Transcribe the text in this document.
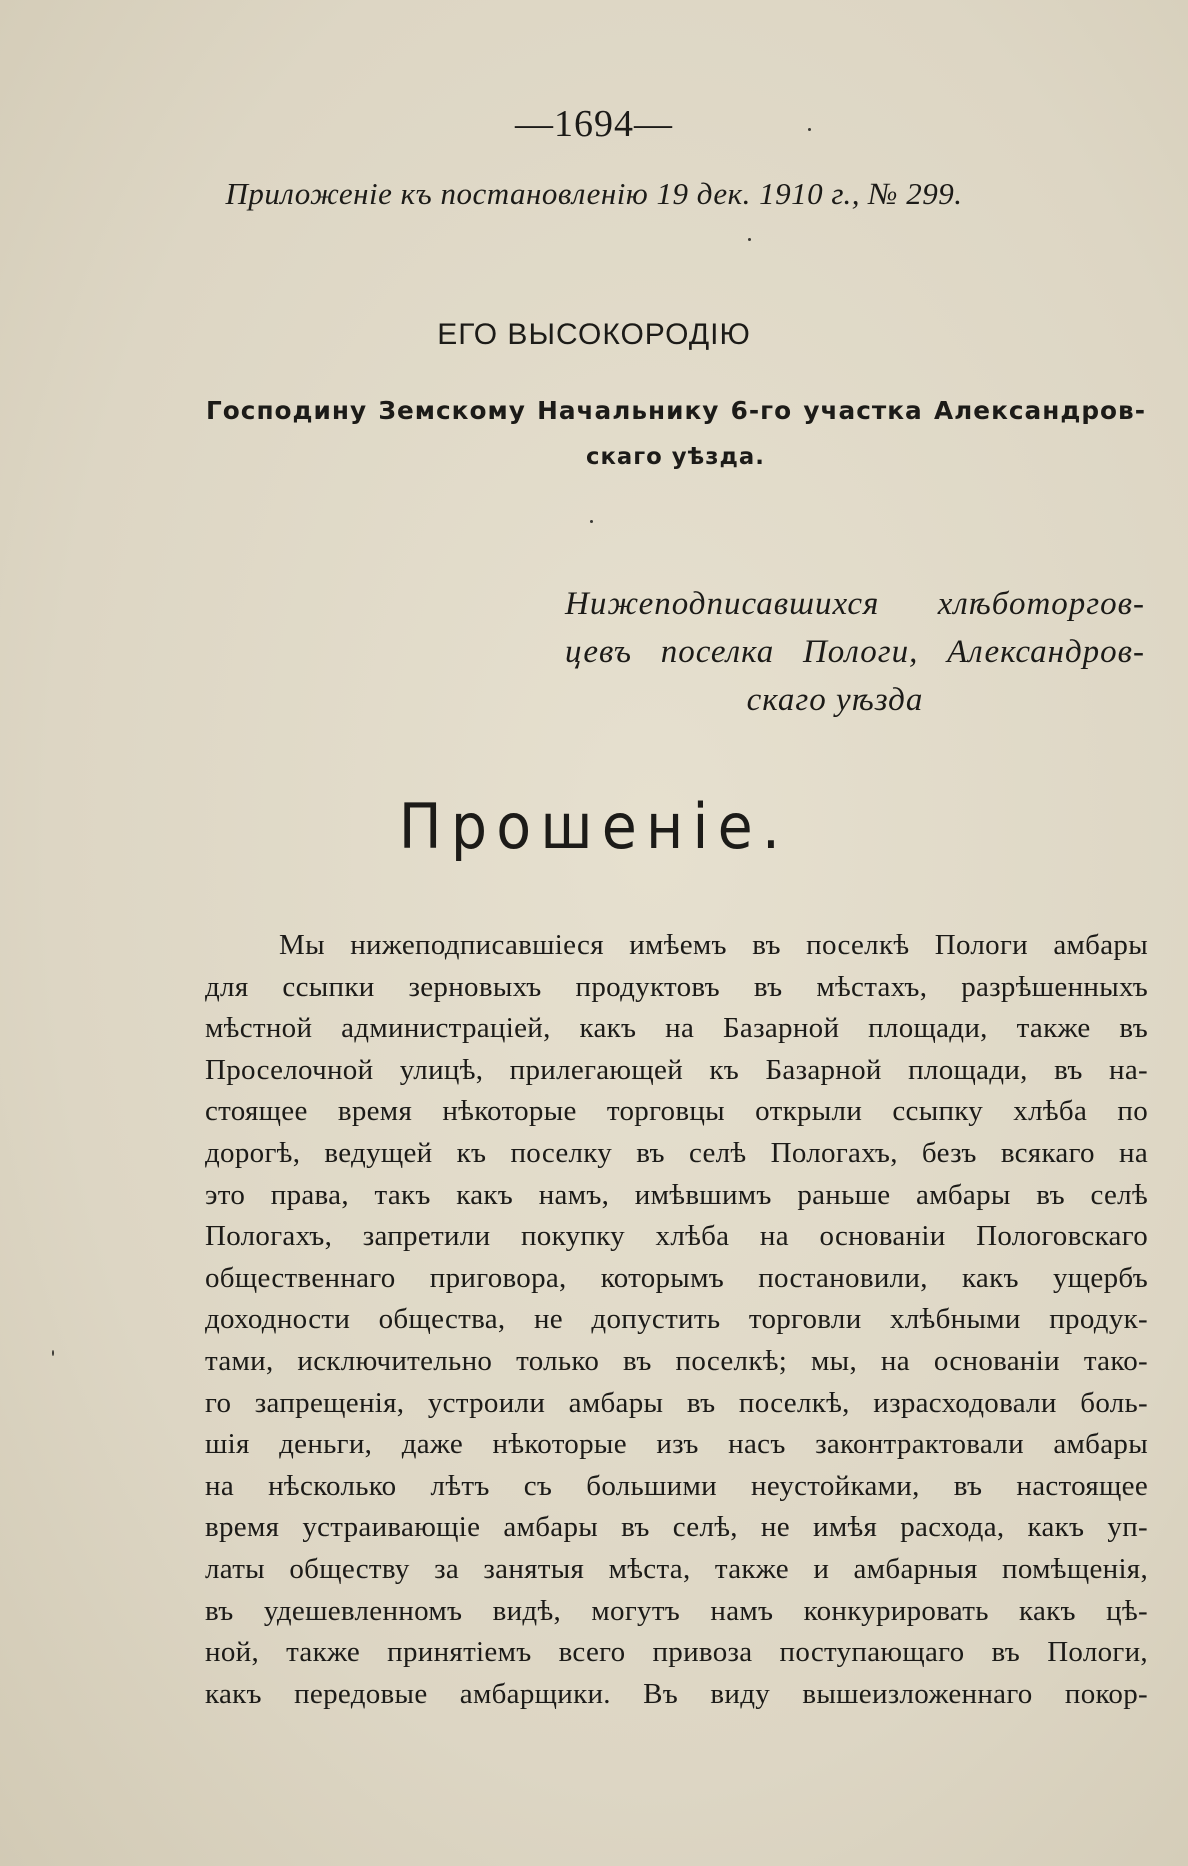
—1694—
Приложенiе къ постановленiю 19 дек. 1910 г., № 299.
ЕГО ВЫСОКОРОДIЮ
Господину Земскому Начальнику 6-го участка Александров-
скаго уѣзда.
Нижеподписавшихся хлѣботоргов-
цевъ поселка Пологи, Александров-
скаго уѣзда
Прошенiе.
Мы нижеподписавшiеся имѣемъ въ поселкѣ Пологи амбары
для ссыпки зерновыхъ продуктовъ въ мѣстахъ, разрѣшенныхъ
мѣстной администрацiей, какъ на Базарной площади, также въ
Проселочной улицѣ, прилегающей къ Базарной площади, въ на-
стоящее время нѣкоторые торговцы открыли ссыпку хлѣба по
дорогѣ, ведущей къ поселку въ селѣ Пологахъ, безъ всякаго на
это права, такъ какъ намъ, имѣвшимъ раньше амбары въ селѣ
Пологахъ, запретили покупку хлѣба на основанiи Пологовскаго
общественнаго приговора, которымъ постановили, какъ ущербъ
доходности общества, не допустить торговли хлѣбными продук-
тами, исключительно только въ поселкѣ; мы, на основанiи тако-
го запрещенiя, устроили амбары въ поселкѣ, израсходовали боль-
шiя деньги, даже нѣкоторые изъ насъ законтрактовали амбары
на нѣсколько лѣтъ съ большими неустойками, въ настоящее
время устраивающiе амбары въ селѣ, не имѣя расхода, какъ уп-
латы обществу за занятыя мѣста, также и амбарныя помѣщенiя,
въ удешевленномъ видѣ, могутъ намъ конкурировать какъ цѣ-
ной, также принятiемъ всего привоза поступающаго въ Пологи,
какъ передовые амбарщики. Въ виду вышеизложеннаго покор-
